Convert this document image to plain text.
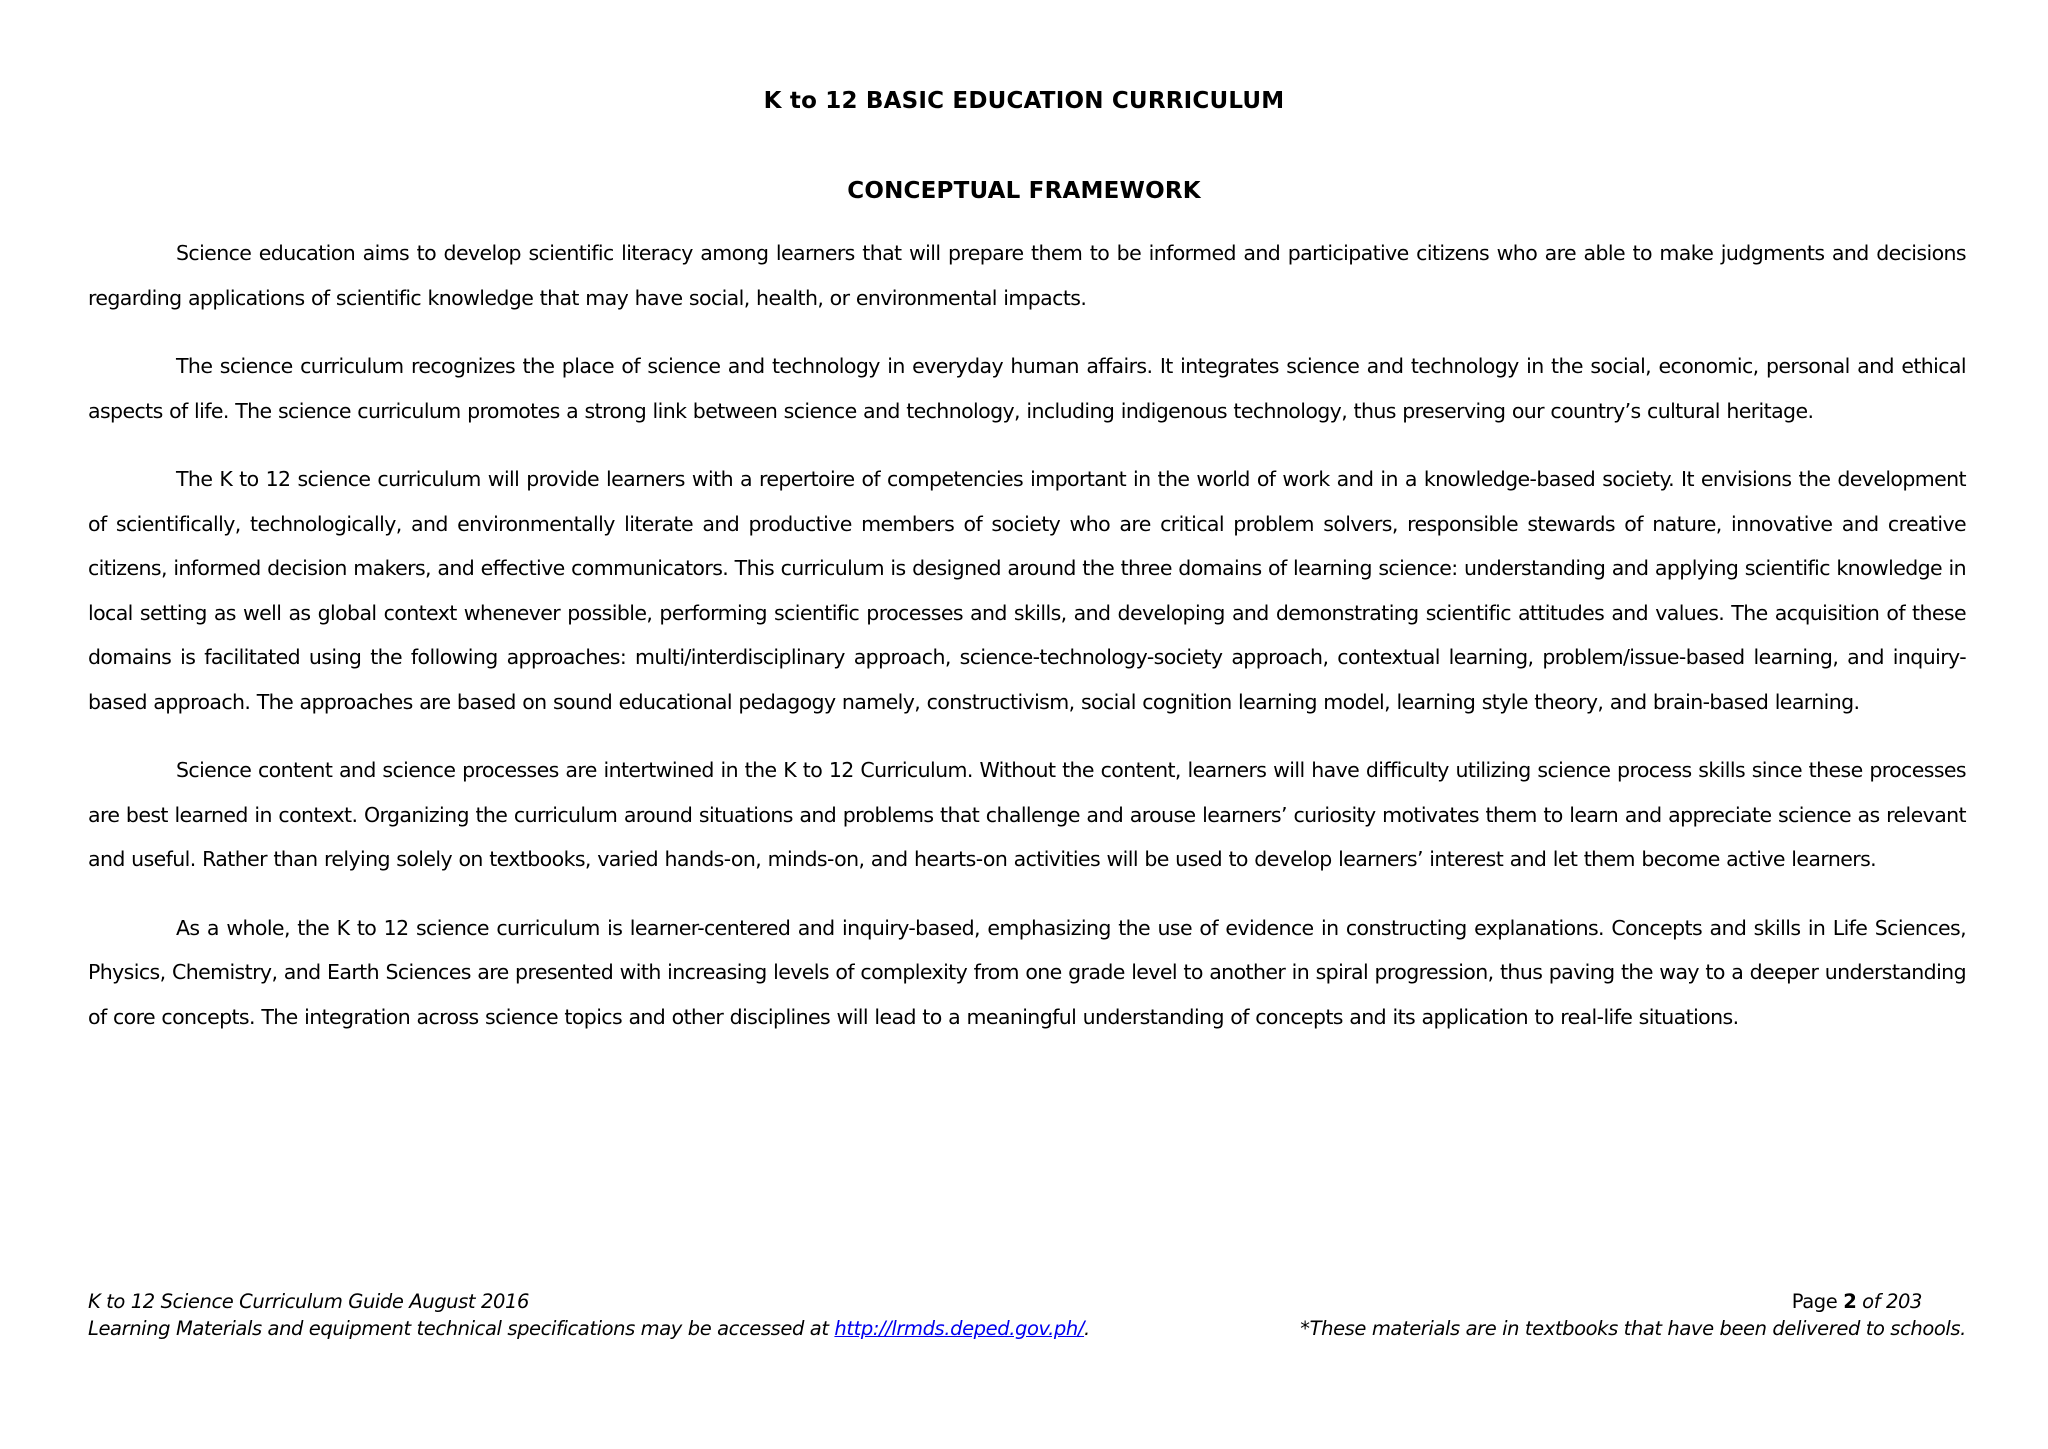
K to 12 BASIC EDUCATION CURRICULUM
CONCEPTUAL FRAMEWORK

Science education aims to develop scientific literacy among learners that will prepare them to be informed and participative citizens who are able to make judgments and decisions regarding applications of scientific knowledge that may have social, health, or environmental impacts.

The science curriculum recognizes the place of science and technology in everyday human affairs. It integrates science and technology in the social, economic, personal and ethical aspects of life. The science curriculum promotes a strong link between science and technology, including indigenous technology, thus preserving our country’s cultural heritage.

The K to 12 science curriculum will provide learners with a repertoire of competencies important in the world of work and in a knowledge-based society. It envisions the development of scientifically, technologically, and environmentally literate and productive members of society who are critical problem solvers, responsible stewards of nature, innovative and creative citizens, informed decision makers, and effective communicators. This curriculum is designed around the three domains of learning science: understanding and applying scientific knowledge in local setting as well as global context whenever possible, performing scientific processes and skills, and developing and demonstrating scientific attitudes and values. The acquisition of these domains is facilitated using the following approaches: multi/interdisciplinary approach, science-technology-society approach, contextual learning, problem/issue-based learning, and inquiry-based approach. The approaches are based on sound educational pedagogy namely, constructivism, social cognition learning model, learning style theory, and brain-based learning.

Science content and science processes are intertwined in the K to 12 Curriculum. Without the content, learners will have difficulty utilizing science process skills since these processes are best learned in context. Organizing the curriculum around situations and problems that challenge and arouse learners’ curiosity motivates them to learn and appreciate science as relevant and useful. Rather than relying solely on textbooks, varied hands-on, minds-on, and hearts-on activities will be used to develop learners’ interest and let them become active learners.

As a whole, the K to 12 science curriculum is learner-centered and inquiry-based, emphasizing the use of evidence in constructing explanations. Concepts and skills in Life Sciences, Physics, Chemistry, and Earth Sciences are presented with increasing levels of complexity from one grade level to another in spiral progression, thus paving the way to a deeper understanding of core concepts. The integration across science topics and other disciplines will lead to a meaningful understanding of concepts and its application to real-life situations.

K to 12 Science Curriculum Guide August 2016	Page 2 of 203
Learning Materials and equipment technical specifications may be accessed at http://lrmds.deped.gov.ph/.	*These materials are in textbooks that have been delivered to schools.
